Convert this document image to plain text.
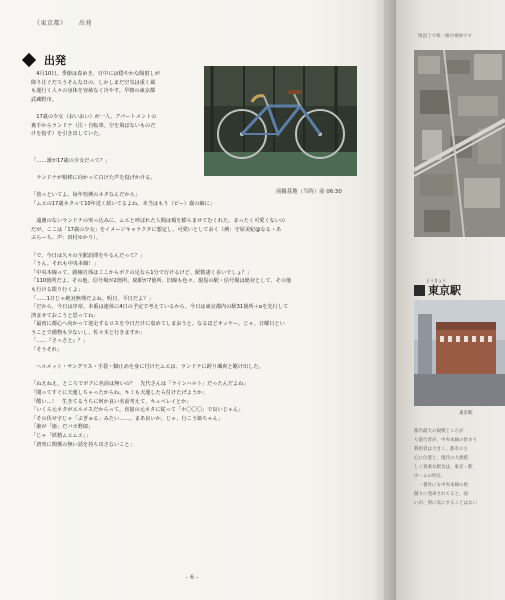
《東京都》 出発
出発
　4月10日。季節は春めき、日中には穏やかな陽射しが
降り注ぐだろうそんな日の、しかしまだ空気は重く風
も運行く人々の身体を容赦なく冷やす。早朝の東京都
武蔵野市。
　17歳の少女（おいおい）が一人、アパートメントの
裏手からランドナ（注・自転車。空を飛ばないものだ
けを指す）を引き出していた。
前輪基地（当時）前 06:30
「……誰が17歳の少女だって？」
　ランドナが相棒に向かって白けた声を投げかける。
「放っといてよ。毎年恒例のネタなんだから」
「ムエの17歳ネタって10年近く続いてるよね。本当はもう（ピー）歳の癖に」
　遠慮のないランドナの突っ込みに、ムエと呼ばれた人間は頬を膨らませてむくれた。まったく可愛くないの
だが、ここは「17歳の少女」をイメージキャラクタに想定し、可愛いとしておく（例：守屋美紀@なる・あ
ぶらーち、声：田村ゆかり）。
「で、今日は久々の全駅訪問をやるんだって？」
「うん。それも中央本線！」
「中央本線って、路線自体はここからボクの足なら1分で行けるけど、駅数凄く多いでしょ？」
「110箇所だよ。その他、信号場が2箇所、廃駅が7箇所、旧線も色々。現役の駅・信号場は絶対として、その他
も行ける限り行くよ」
「……1日じゃ絶対無理だよね。明日、平日だよ？」
「だから、今日は序章。本番は連休に4日の予定で考えているから、今日は東京都内の駅31箇所＋αを先行して
済ませておこうと思ってね」
「最初に都心へ向かって逆走するロスを今日だけに収めてしまおうと。なるほどオッケー。じゃ、日曜日とい
うことで備物も少ないし、佐々木と行きますか」
「……『さっさと』？」
「そうそれ」
　ヘルメット・サングラス・手袋・脚止めを身に付けたムエは、ランドナに跨り颯爽と駆け出した。
「ねえねえ、ところでボクに名前は無いの？　先代さんは「ラインハルト」だったんだよね」
「聞ってすぐに天運しちゃったからね。キミも天運したら付けたげようか」
「酷い…！　生きてるうちに何か良い名前考えて、キュベレイとか」
「いくら元ネタがエルメスだからって。直接の元ネタに従って「ホ〇〇〇」で良いじゃん」
「その伏せ字じゃ「ぶぎゅる」みたい……。まあ良いか。じゃ、行こう姫ちゃん」
「誰が「姫」だバカ野郎」
「じゃ「妖精ムエムエ」」
「唐突に関係の無い話を持ち出さないこと」
- 6 -
地図上で唯一線が複線です
とうきょう
東京駅
東京駅
都内最大の規模ところが
り旅行者が、中央本線の始まり
利用者は大きく、都市の主
心に位置と、現代の大規模
しく貴重な駅舎は、東京・駅
ホームの所在。
　一番外にも中央本線の始
限りに発車されてると、国
いが、別に気にすることはない
